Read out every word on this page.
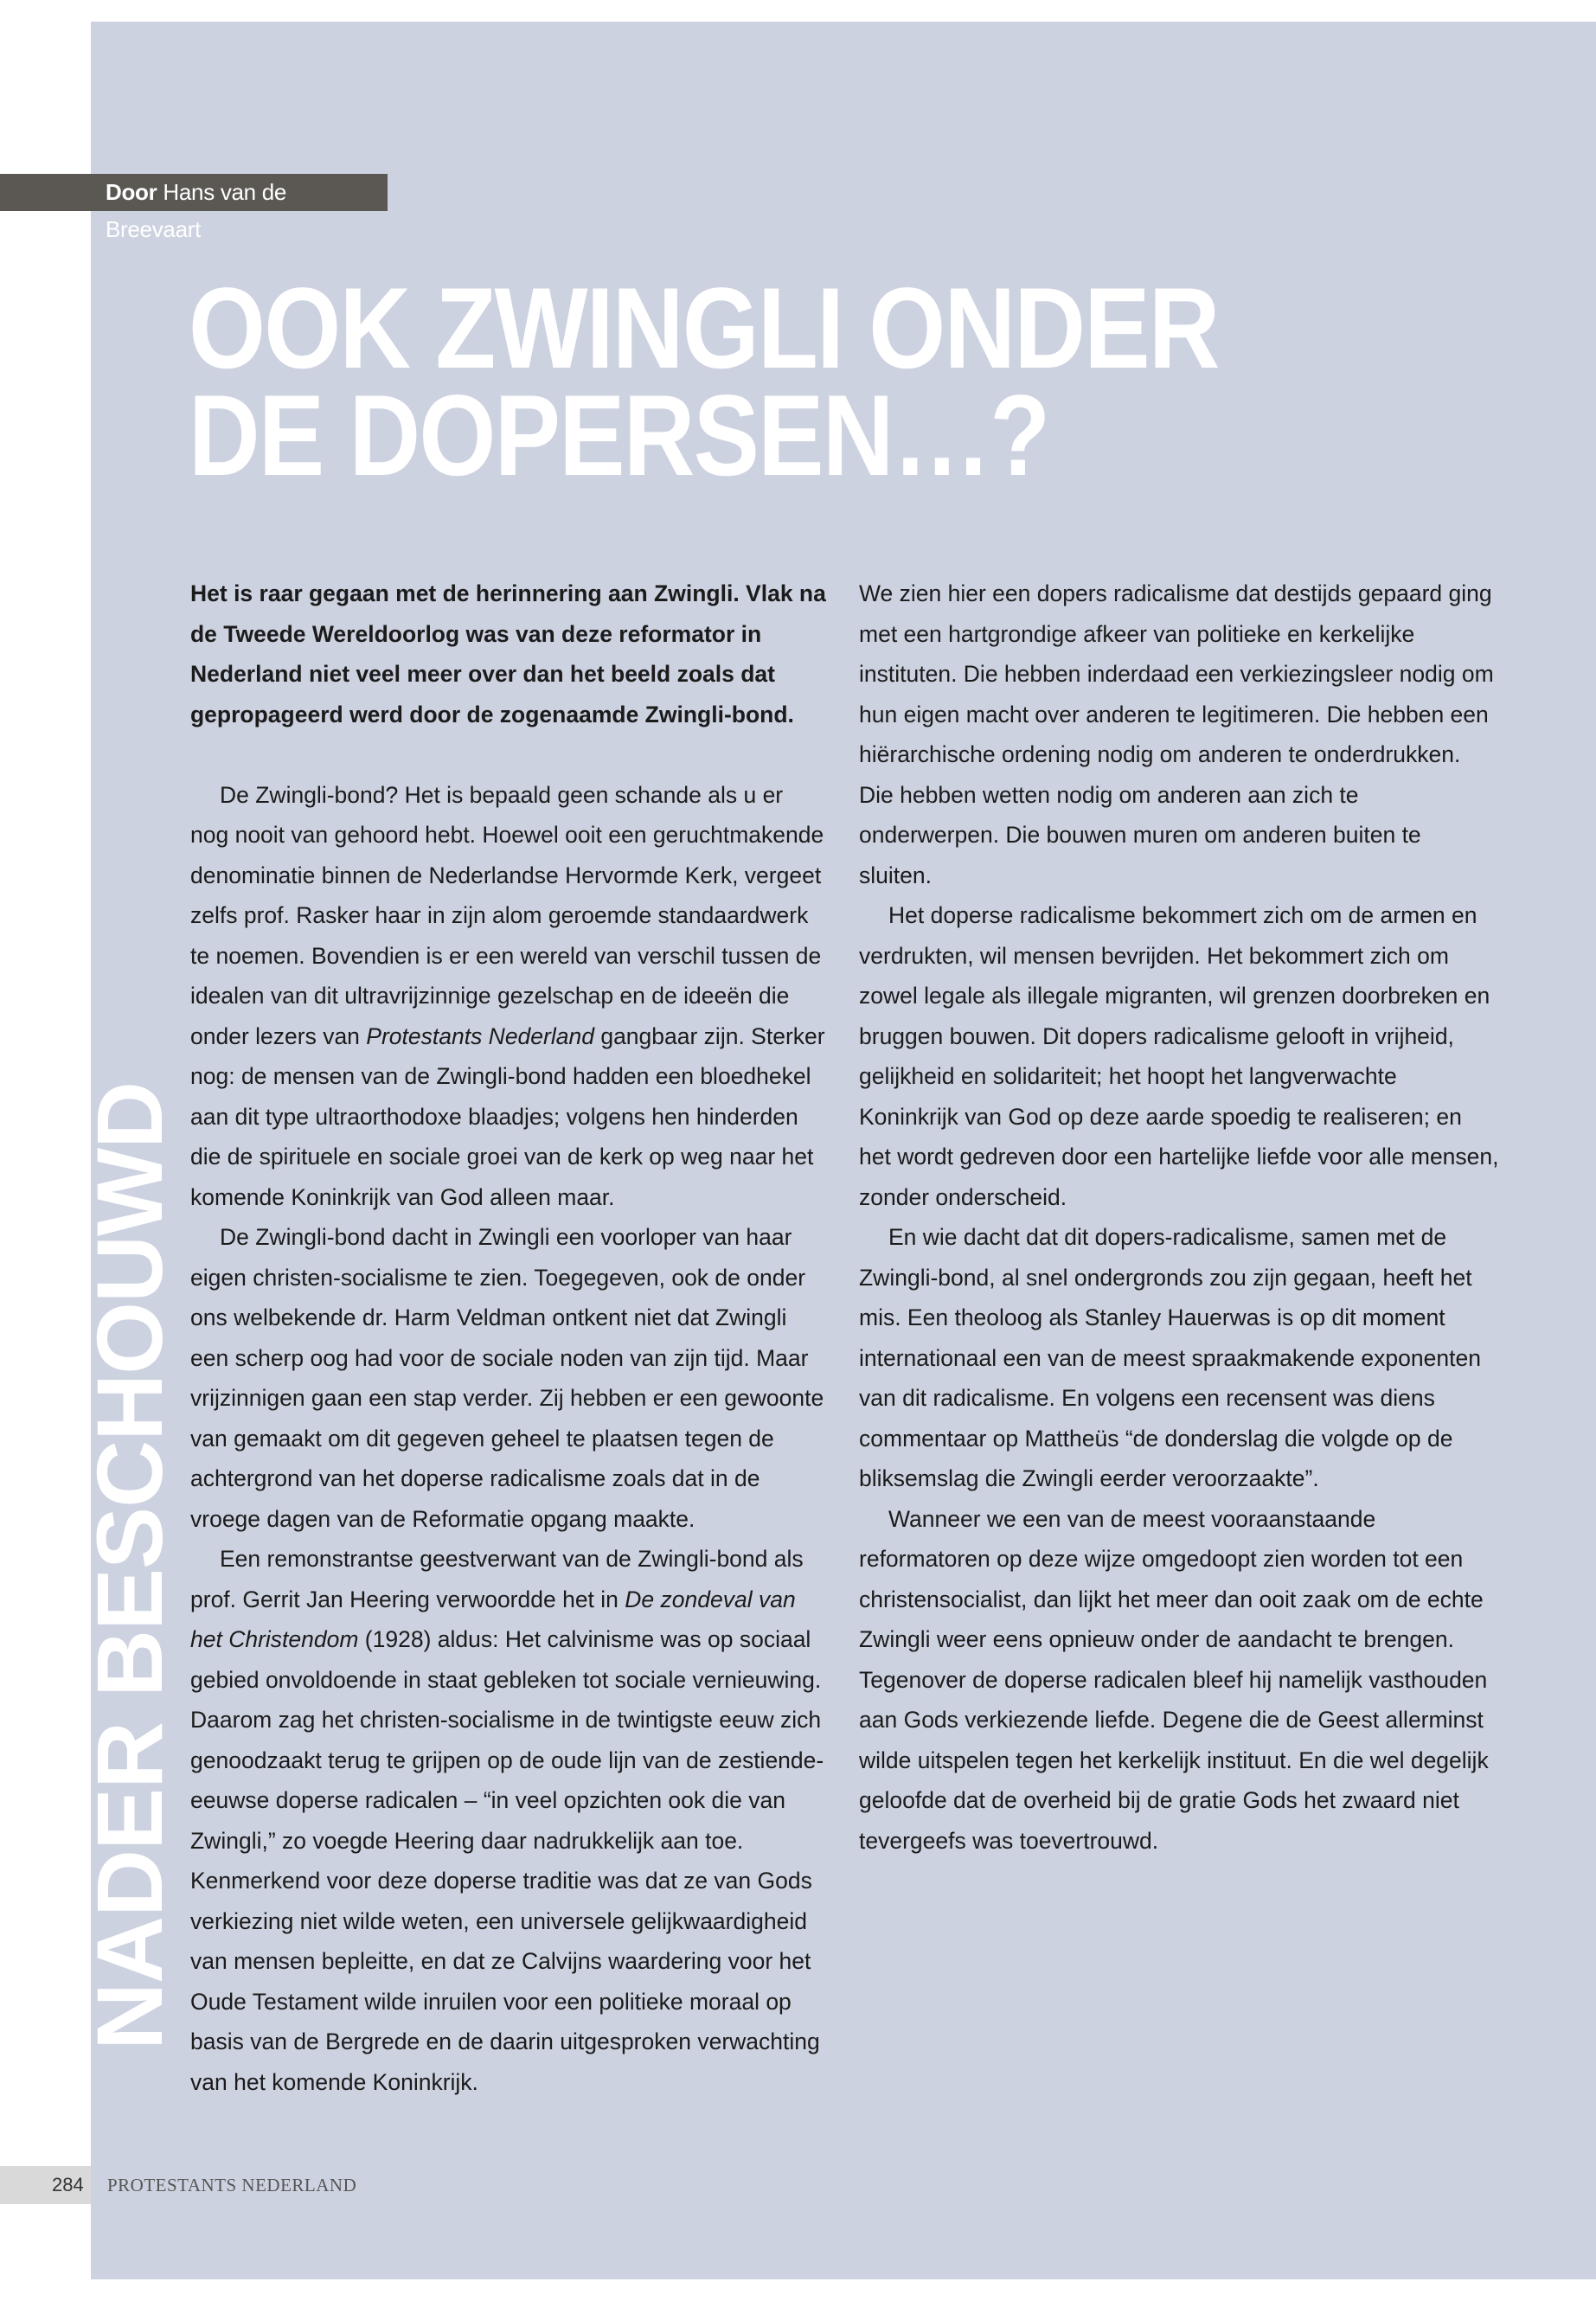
Door Hans van de Breevaart
OOK ZWINGLI ONDER
DE DOPERSEN…?
NADER BESCHOUWD

Het is raar gegaan met de herinnering aan Zwingli. Vlak na de Tweede Wereldoorlog was van deze reformator in Nederland niet veel meer over dan het beeld zoals dat gepropageerd werd door de zogenaamde Zwingli-bond.

De Zwingli-bond? Het is bepaald geen schande als u er nog nooit van gehoord hebt. Hoewel ooit een geruchtmakende denominatie binnen de Nederlandse Hervormde Kerk, vergeet zelfs prof. Rasker haar in zijn alom geroemde standaardwerk te noemen. Bovendien is er een wereld van verschil tussen de idealen van dit ultravrijzinnige gezelschap en de ideeën die onder lezers van Protestants Nederland gangbaar zijn. Sterker nog: de mensen van de Zwingli-bond hadden een bloedhekel aan dit type ultraorthodoxe blaadjes; volgens hen hinderden die de spirituele en sociale groei van de kerk op weg naar het komende Koninkrijk van God alleen maar.

De Zwingli-bond dacht in Zwingli een voorloper van haar eigen christen-socialisme te zien. Toegegeven, ook de onder ons welbekende dr. Harm Veldman ontkent niet dat Zwingli een scherp oog had voor de sociale noden van zijn tijd. Maar vrijzinnigen gaan een stap verder. Zij hebben er een gewoonte van gemaakt om dit gegeven geheel te plaatsen tegen de achtergrond van het doperse radicalisme zoals dat in de vroege dagen van de Reformatie opgang maakte.

Een remonstrantse geestverwant van de Zwingli-bond als prof. Gerrit Jan Heering verwoordde het in De zondeval van het Christendom (1928) aldus: Het calvinisme was op sociaal gebied onvoldoende in staat gebleken tot sociale vernieuwing. Daarom zag het christen-socialisme in de twintigste eeuw zich genoodzaakt terug te grijpen op de oude lijn van de zestiende-eeuwse doperse radicalen – “in veel opzichten ook die van Zwingli,” zo voegde Heering daar nadrukkelijk aan toe. Kenmerkend voor deze doperse traditie was dat ze van Gods verkiezing niet wilde weten, een universele gelijkwaardigheid van mensen bepleitte, en dat ze Calvijns waardering voor het Oude Testament wilde inruilen voor een politieke moraal op basis van de Bergrede en de daarin uitgesproken verwachting van het komende Koninkrijk.

We zien hier een dopers radicalisme dat destijds gepaard ging met een hartgrondige afkeer van politieke en kerkelijke instituten. Die hebben inderdaad een verkiezingsleer nodig om hun eigen macht over anderen te legitimeren. Die hebben een hiërarchische ordening nodig om anderen te onderdrukken. Die hebben wetten nodig om anderen aan zich te onderwerpen. Die bouwen muren om anderen buiten te sluiten.

Het doperse radicalisme bekommert zich om de armen en verdrukten, wil mensen bevrijden. Het bekommert zich om zowel legale als illegale migranten, wil grenzen doorbreken en bruggen bouwen. Dit dopers radicalisme gelooft in vrijheid, gelijkheid en solidariteit; het hoopt het langverwachte Koninkrijk van God op deze aarde spoedig te realiseren; en het wordt gedreven door een hartelijke liefde voor alle mensen, zonder onderscheid.

En wie dacht dat dit dopers-radicalisme, samen met de Zwingli-bond, al snel ondergronds zou zijn gegaan, heeft het mis. Een theoloog als Stanley Hauerwas is op dit moment internationaal een van de meest spraakmakende exponenten van dit radicalisme. En volgens een recensent was diens commentaar op Mattheüs “de donderslag die volgde op de bliksemslag die Zwingli eerder veroorzaakte”.

Wanneer we een van de meest vooraanstaande reformatoren op deze wijze omgedoopt zien worden tot een christensocialist, dan lijkt het meer dan ooit zaak om de echte Zwingli weer eens opnieuw onder de aandacht te brengen. Tegenover de doperse radicalen bleef hij namelijk vasthouden aan Gods verkiezende liefde. Degene die de Geest allerminst wilde uitspelen tegen het kerkelijk instituut. En die wel degelijk geloofde dat de overheid bij de gratie Gods het zwaard niet tevergeefs was toevertrouwd.

284 PROTESTANTS NEDERLAND
